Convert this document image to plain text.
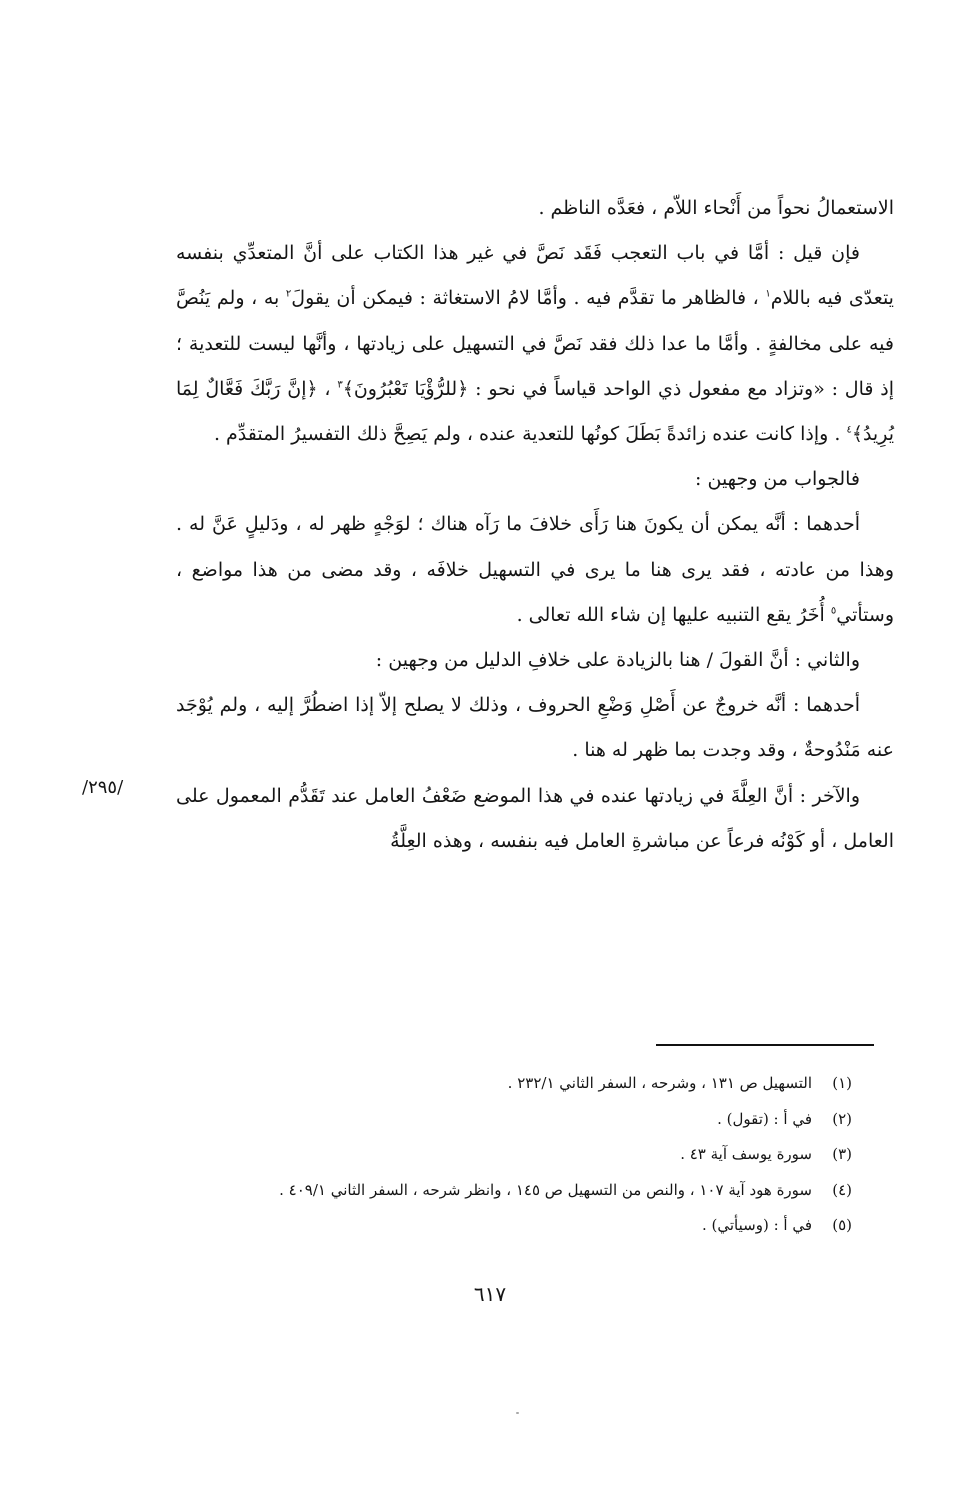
الاستعمالُ نحواً من أَنْحاء اللاّم ، فعَدَّه الناظم .

فإن قيل : أمَّا في باب التعجب فَقَد نَصَّ في غير هذا الكتاب على أنَّ المتعدِّي بنفسه يتعدّى فيه باللام$^١$ ، فالظاهر ما تقدَّم فيه . وأمَّا لامُ الاستغاثة : فيمكن أن يقولَ$^٢$ به ، ولم يَنُصَّ فيه على مخالفةٍ . وأمَّا ما عدا ذلك فقد نَصَّ في التسهيل على زيادتها ، وأنَّها ليست للتعدية ؛ إذ قال : «وتزاد مع مفعول ذي الواحد قياساً في نحو : ﴿للرُّؤْيَا تَعْبُرُونَ﴾$^٣$ ، ﴿إنَّ رَبَّكَ فَعَّالٌ لِمَا يُرِيدُ﴾$^٤$ . وإذا كانت عنده زائدةً بَطَلَ كونُها للتعدية عنده ، ولم يَصِحَّ ذلك التفسيرُ المتقدِّم .

فالجواب من وجهين :

أحدهما : أنَّه يمكن أن يكونَ هنا رَأَى خلافَ ما رَآه هناك ؛ لوَجْهٍ ظهر له ، ودَليلٍ عَنَّ له . وهذا من عادته ، فقد يرى هنا ما يرى في التسهيل خلافَه ، وقد مضى من هذا مواضع ، وستأتي$^٥$ أُخَرُ يقع التنبيه عليها إن شاء الله تعالى .

والثاني : أنَّ القولَ / هنا بالزيادة على خلافِ الدليل من وجهين :

أحدهما : أنَّه خروجٌ عن أَصْلِ وَضْعِ الحروف ، وذلك لا يصلح إلاّ إذا اضطُرَّ إليه ، ولم يُوْجَد عنه مَنْدُوحةٌ ، وقد وجدت بما ظهر له هنا .

والآخر : أنَّ العِلَّةَ في زيادتها عنده في هذا الموضع ضَعْفُ العامل عند تَقَدُّم المعمول على العامل ، أو كَوْنُه فرعاً عن مباشرةِ العامل فيه بنفسه ، وهذه العِلَّةُ

/٢٩٥/
(١)
التسهيل ص ١٣١ ، وشرحه ، السفر الثاني ٢٣٢/١ .
(٢)
في أ : (تقول) .
(٣)
سورة يوسف آية ٤٣ .
(٤)
سورة هود آية ١٠٧ ، والنص من التسهيل ص ١٤٥ ، وانظر شرحه ، السفر الثاني ٤٠٩/١ .
(٥)
في أ : (وسيأتي) .
٦١٧
